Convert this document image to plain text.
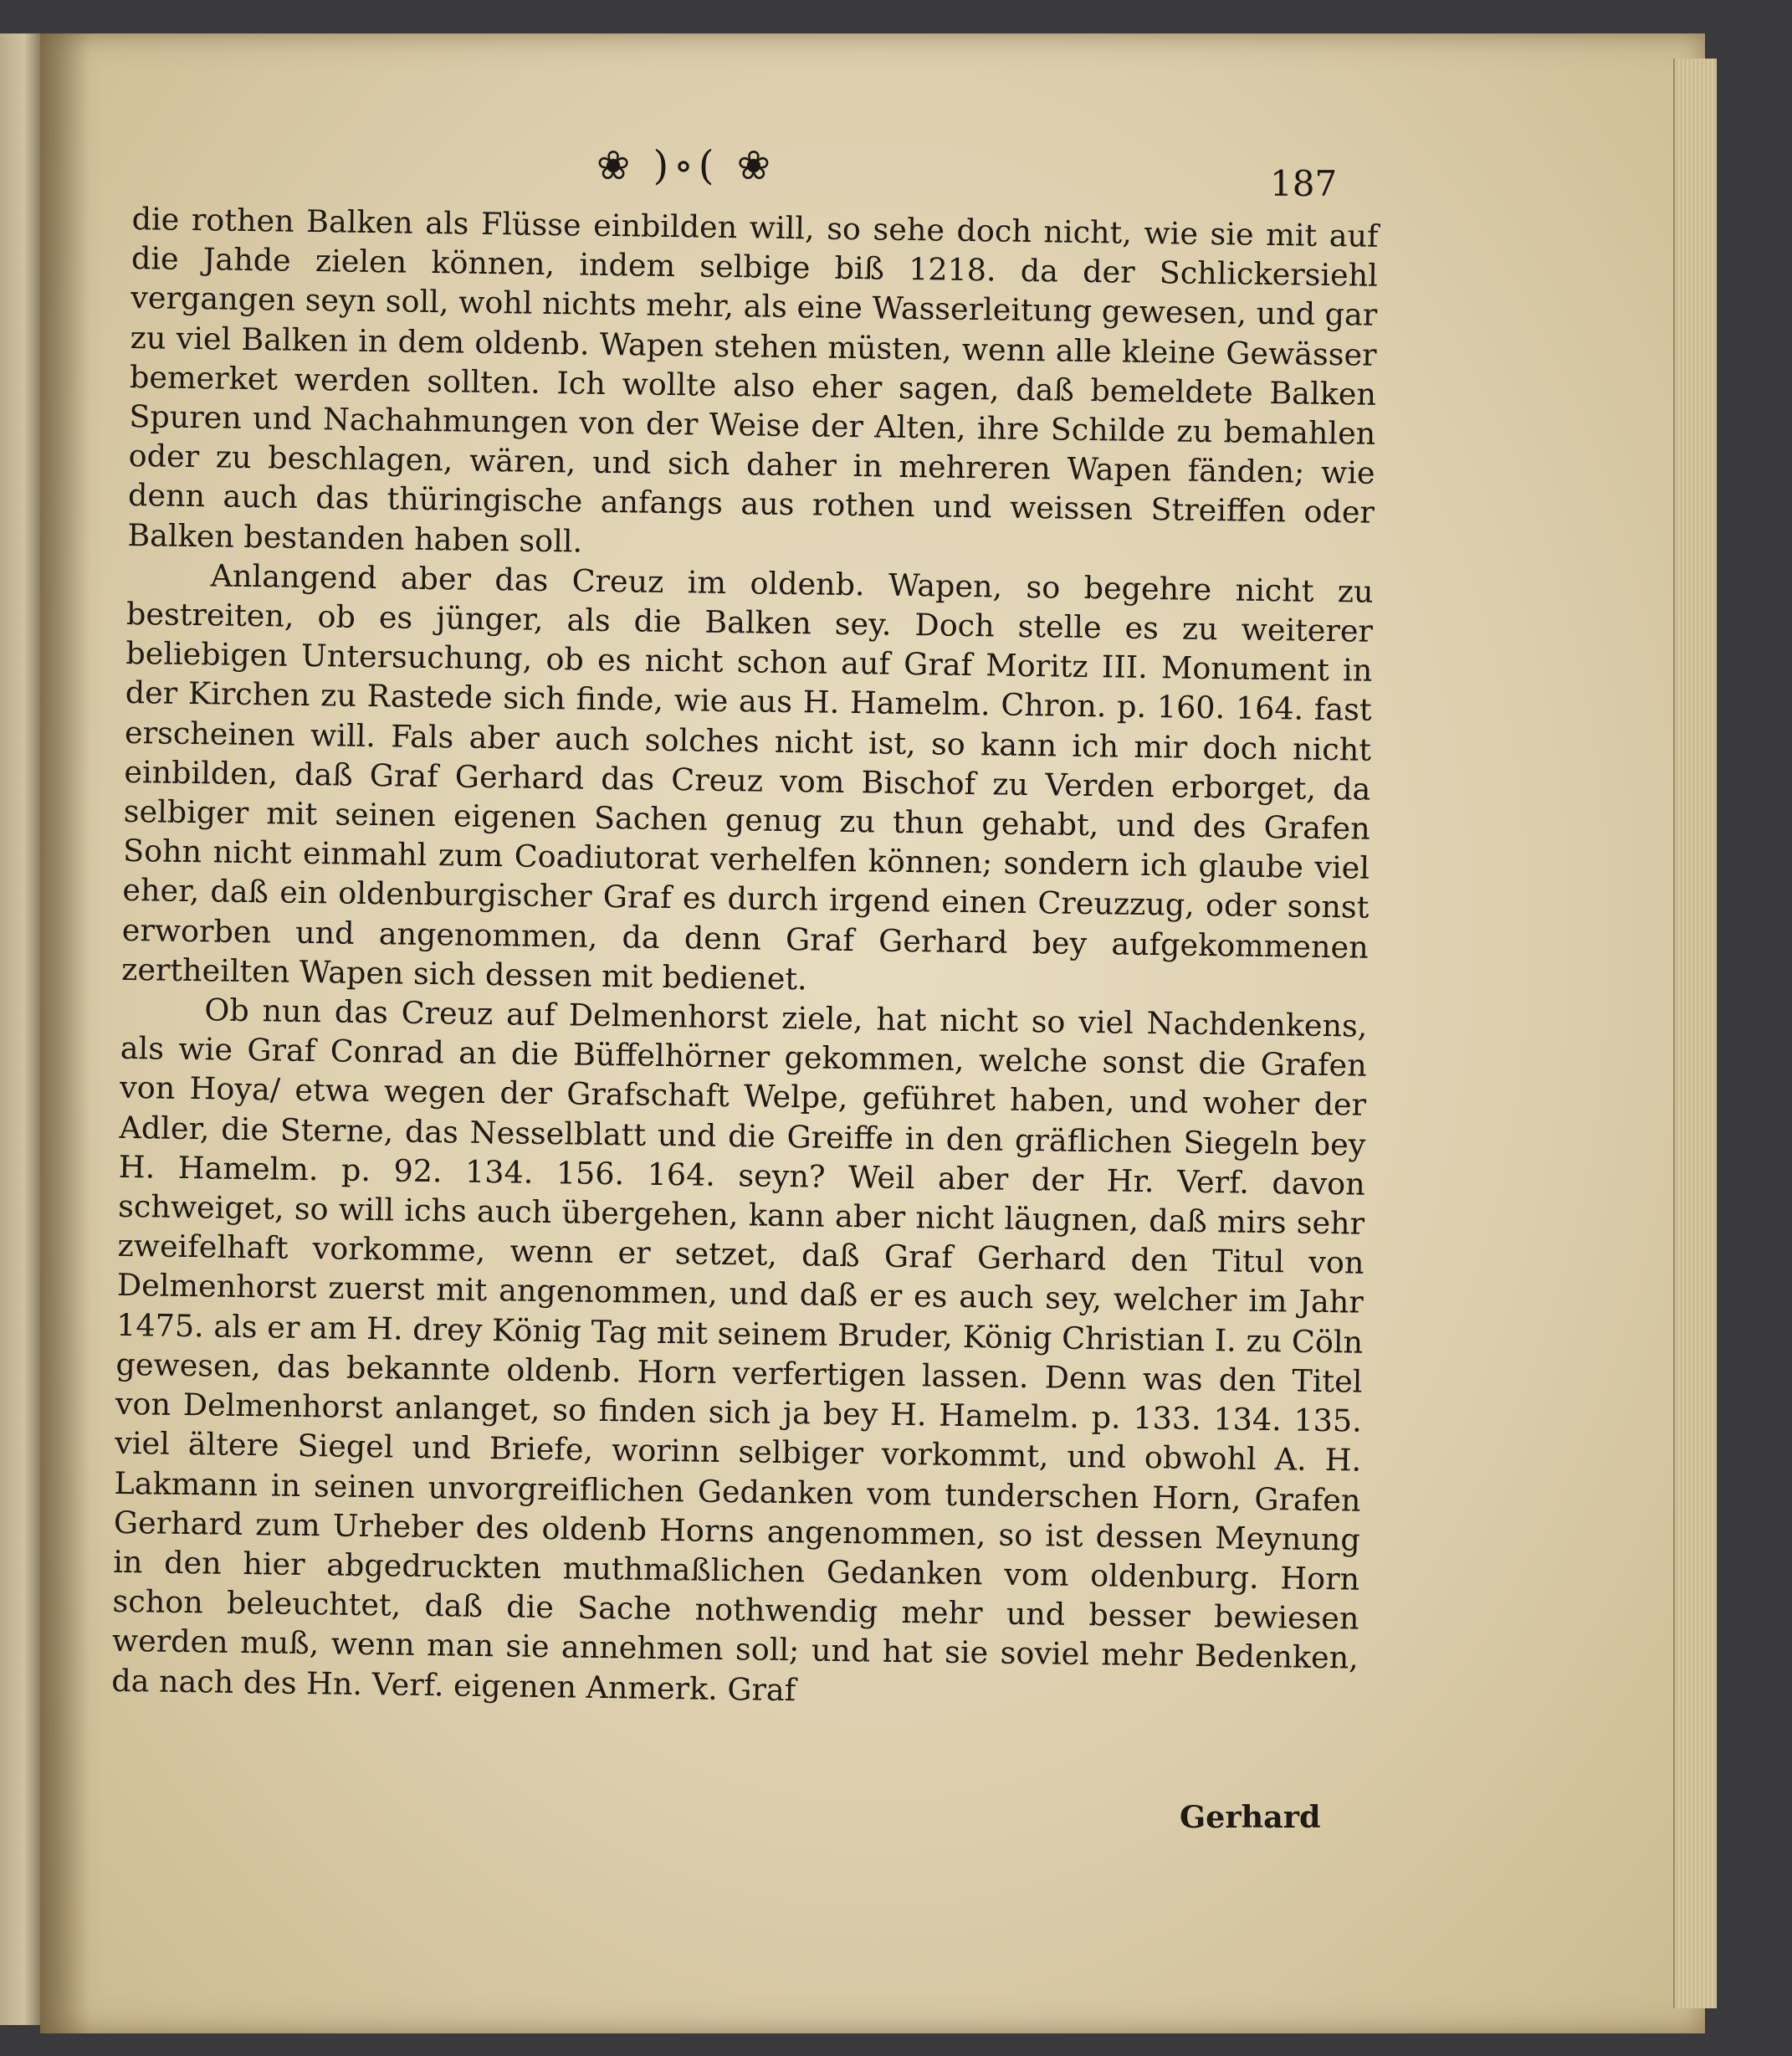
❀ )∘( ❀	187

die rothen Balken als Flüsse einbilden will, so sehe doch nicht, wie sie mit auf die Jahde zielen können, indem selbige biß 1218. da der Schlickersiehl vergangen seyn soll, wohl nichts mehr, als eine Wasserleitung gewesen, und gar zu viel Balken in dem oldenb. Wapen stehen müsten, wenn alle kleine Gewässer bemerket werden sollten. Ich wollte also eher sagen, daß bemeldete Balken Spuren und Nachahmungen von der Weise der Alten, ihre Schilde zu bemahlen oder zu beschlagen, wären, und sich daher in mehreren Wapen fänden; wie denn auch das thüringische anfangs aus rothen und weissen Streiffen oder Balken bestanden haben soll.

Anlangend aber das Creuz im oldenb. Wapen, so begehre nicht zu bestreiten, ob es jünger, als die Balken sey. Doch stelle es zu weiterer beliebigen Untersuchung, ob es nicht schon auf Graf Moritz III. Monument in der Kirchen zu Rastede sich finde, wie aus H. Hamelm. Chron. p. 160. 164. fast erscheinen will. Fals aber auch solches nicht ist, so kann ich mir doch nicht einbilden, daß Graf Gerhard das Creuz vom Bischof zu Verden erborget, da selbiger mit seinen eigenen Sachen genug zu thun gehabt, und des Grafen Sohn nicht einmahl zum Coadiutorat verhelfen können; sondern ich glaube viel eher, daß ein oldenburgischer Graf es durch irgend einen Creuzzug, oder sonst erworben und angenommen, da denn Graf Gerhard bey aufgekommenen zertheilten Wapen sich dessen mit bedienet.

Ob nun das Creuz auf Delmenhorst ziele, hat nicht so viel Nachdenkens, als wie Graf Conrad an die Büffelhörner gekommen, welche sonst die Grafen von Hoya/ etwa wegen der Grafschaft Welpe, geführet haben, und woher der Adler, die Sterne, das Nesselblatt und die Greiffe in den gräflichen Siegeln bey H. Hamelm. p. 92. 134. 156. 164. seyn? Weil aber der Hr. Verf. davon schweiget, so will ichs auch übergehen, kann aber nicht läugnen, daß mirs sehr zweifelhaft vorkomme, wenn er setzet, daß Graf Gerhard den Titul von Delmenhorst zuerst mit angenommen, und daß er es auch sey, welcher im Jahr 1475. als er am H. drey König Tag mit seinem Bruder, König Christian I. zu Cöln gewesen, das bekannte oldenb. Horn verfertigen lassen. Denn was den Titel von Delmenhorst anlanget, so finden sich ja bey H. Hamelm. p. 133. 134. 135. viel ältere Siegel und Briefe, worinn selbiger vorkommt, und obwohl A. H. Lakmann in seinen unvorgreiflichen Gedanken vom tunderschen Horn, Grafen Gerhard zum Urheber des oldenb Horns angenommen, so ist dessen Meynung in den hier abgedruckten muthmaßlichen Gedanken vom oldenburg. Horn schon beleuchtet, daß die Sache nothwendig mehr und besser bewiesen werden muß, wenn man sie annehmen soll; und hat sie soviel mehr Bedenken, da nach des Hn. Verf. eigenen Anmerk. Graf

Gerhard
